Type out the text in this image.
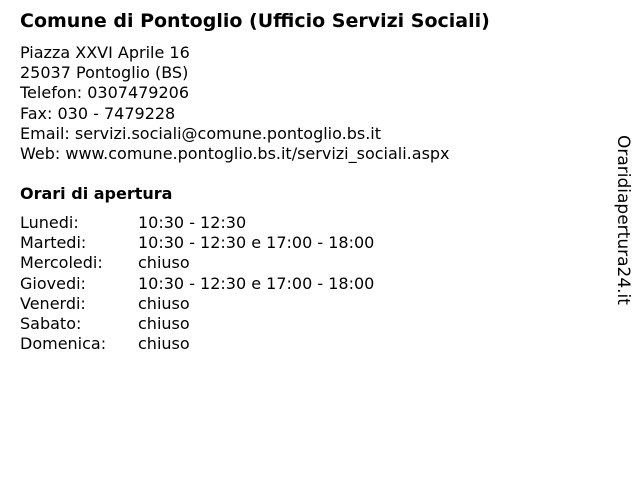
Comune di Pontoglio (Ufficio Servizi Sociali)
Piazza XXVI Aprile 16
25037 Pontoglio (BS)
Telefon: 0307479206
Fax: 030 - 7479228
Email: servizi.sociali@comune.pontoglio.bs.it
Web: www.comune.pontoglio.bs.it/servizi_sociali.aspx
Orari di apertura
Lunedi:	10:30 - 12:30
Martedi:	10:30 - 12:30 e 17:00 - 18:00
Mercoledi:	chiuso
Giovedi:	10:30 - 12:30 e 17:00 - 18:00
Venerdi:	chiuso
Sabato:	chiuso
Domenica:	chiuso
Oraridiapertura24.it
